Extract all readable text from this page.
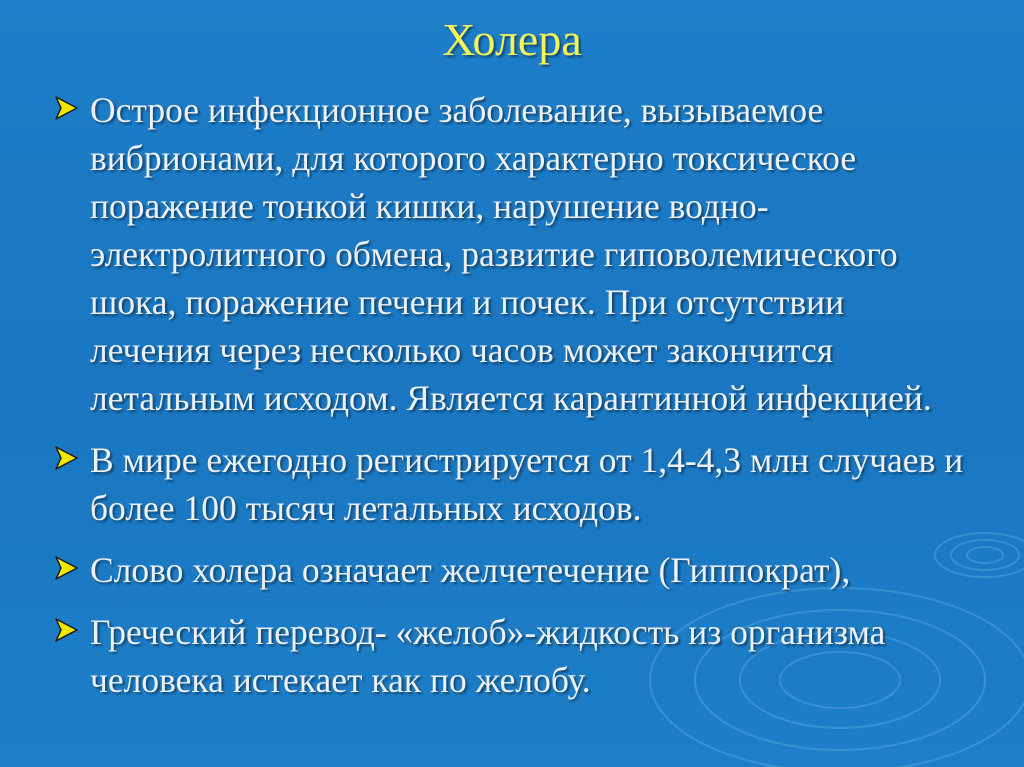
Холера
Острое инфекционное заболевание, вызываемое вибрионами, для которого характерно токсическое поражение тонкой кишки, нарушение водно-электролитного обмена, развитие гиповолемического шока, поражение печени и почек. При отсутствии лечения через несколько часов может закончится летальным исходом. Является карантинной инфекцией.
В мире ежегодно регистрируется от 1,4-4,3 млн случаев и более 100 тысяч летальных исходов.
Слово холера означает желчетечение (Гиппократ),
Греческий перевод- «желоб»-жидкость из организма человека истекает как по желобу.
